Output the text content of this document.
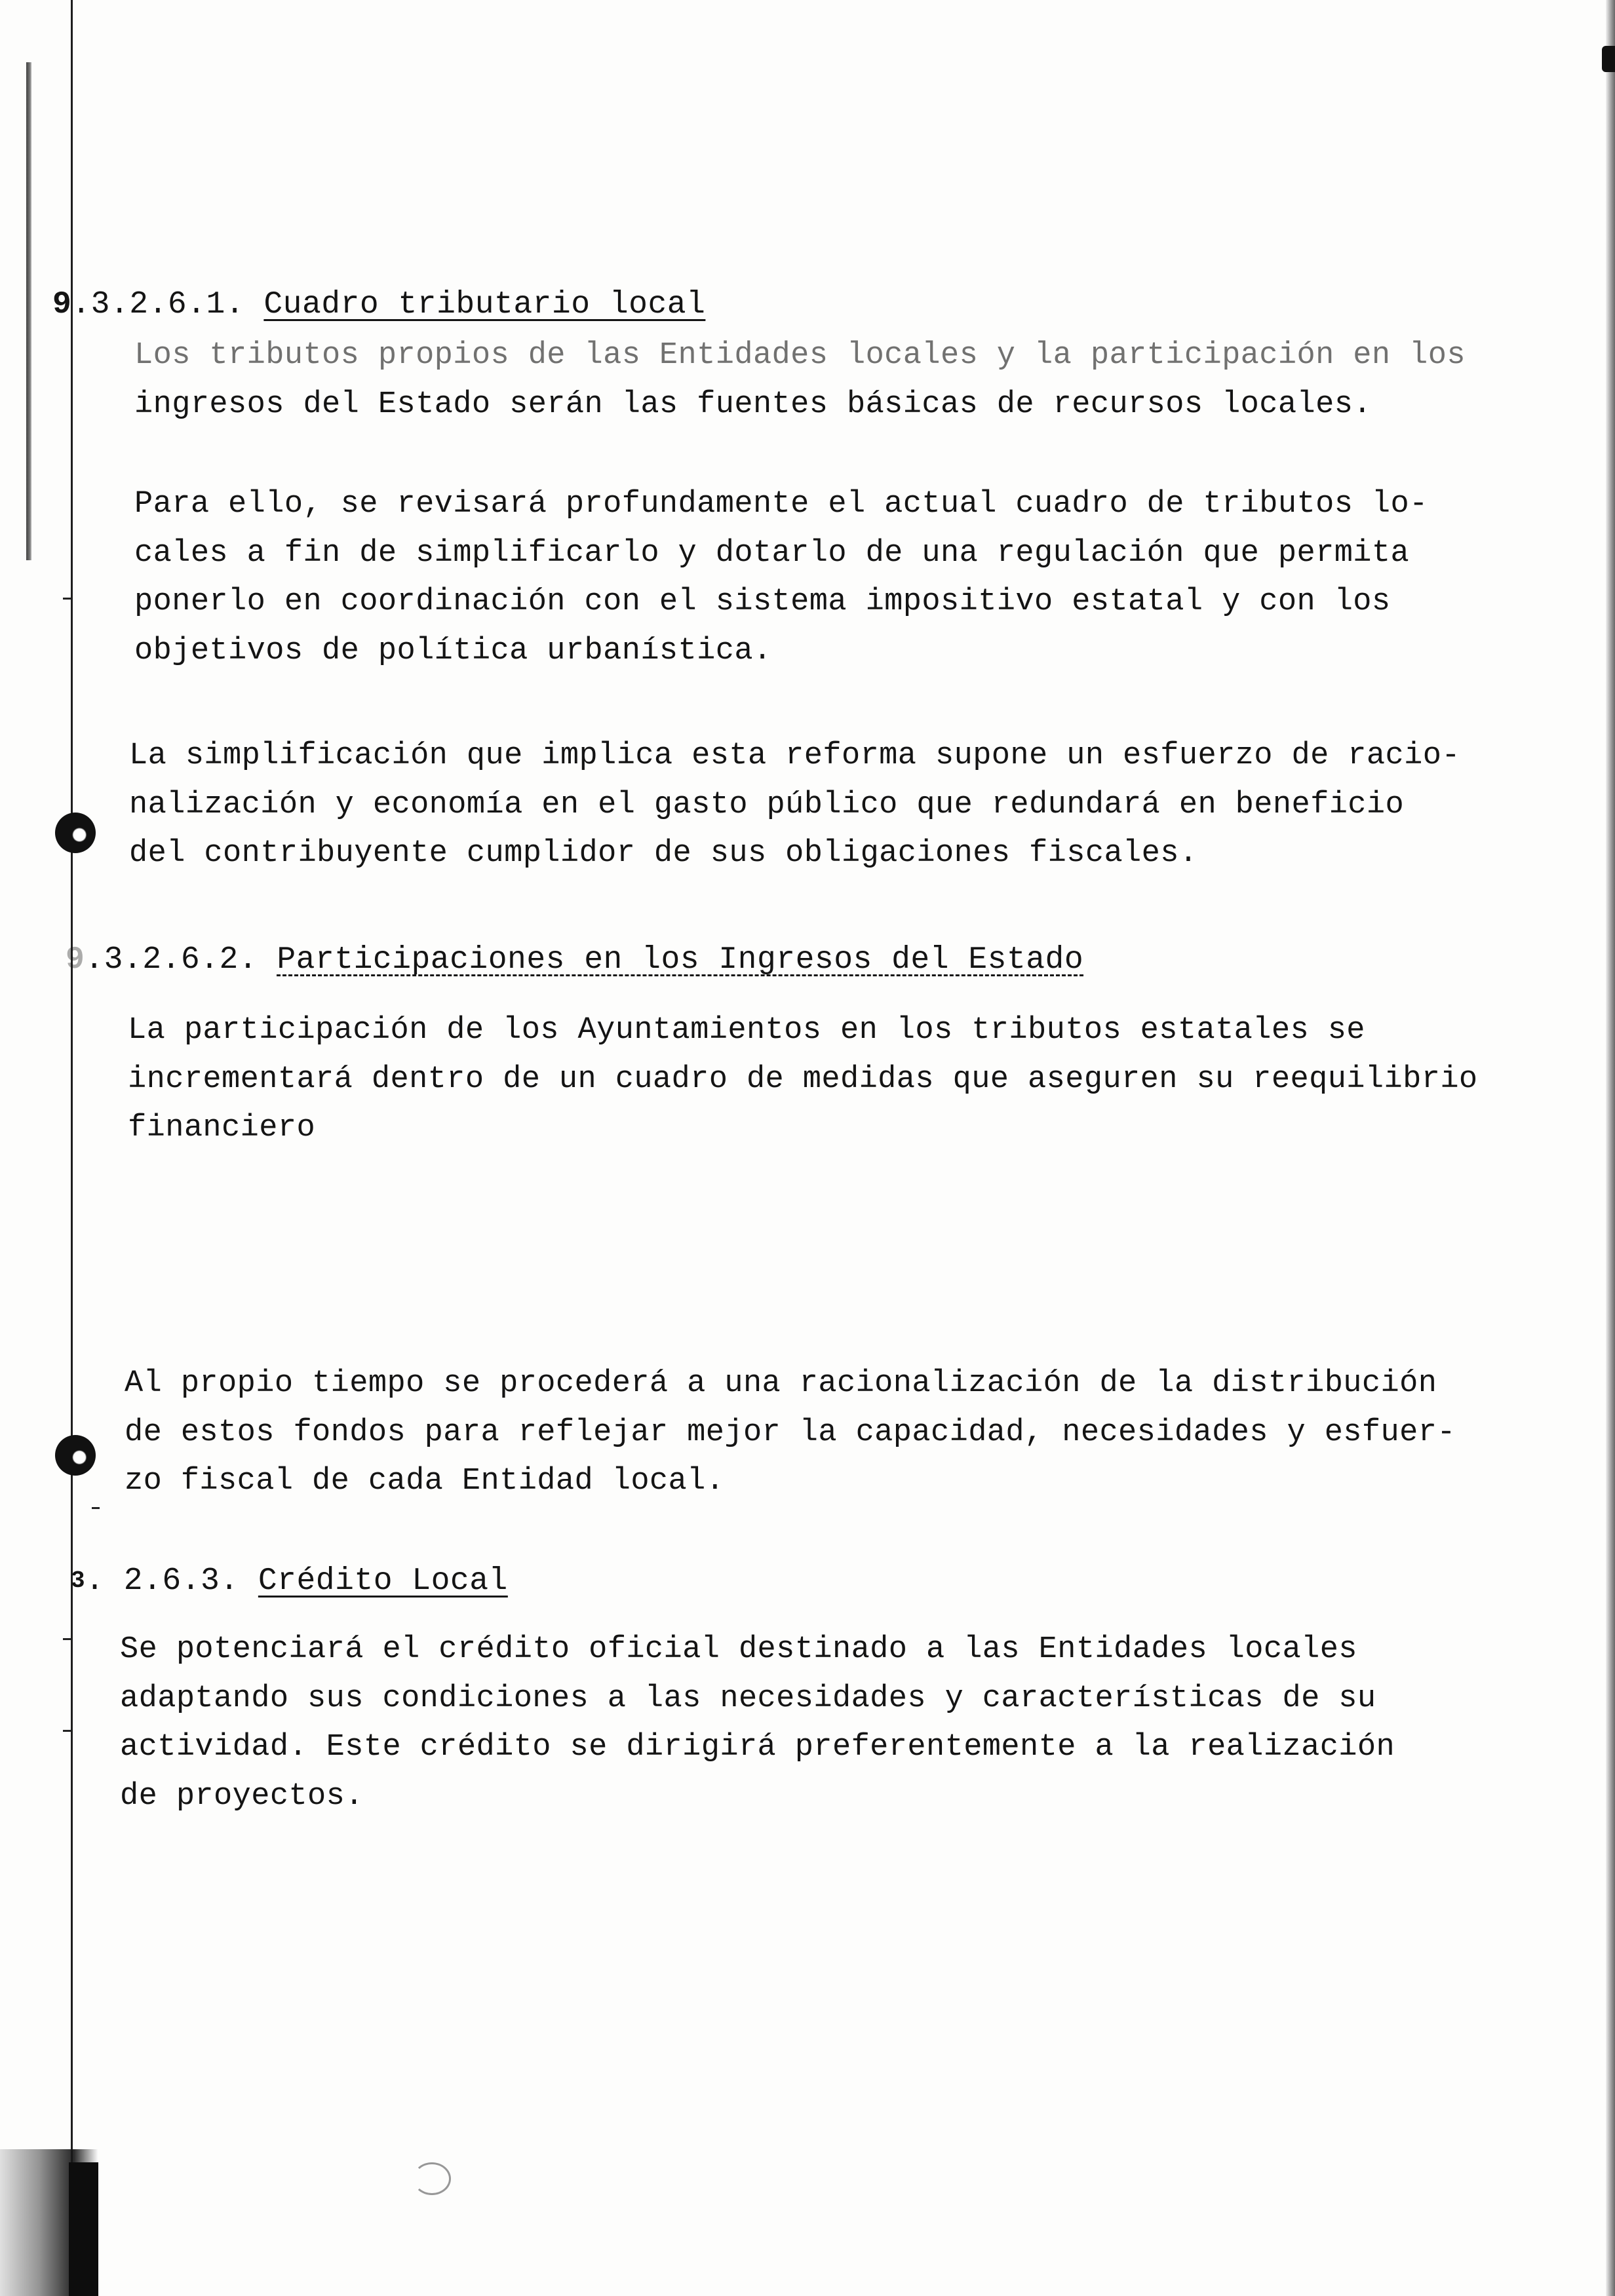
9.3.2.6.1. Cuadro tributario local
Los tributos propios de las Entidades locales y la participación en los
ingresos del Estado serán las fuentes básicas de recursos locales.
Para ello, se revisará profundamente el actual cuadro de tributos lo-
cales a fin de simplificarlo y dotarlo de una regulación que permita
ponerlo en coordinación con el sistema impositivo estatal y con los
objetivos de política urbanística.
La simplificación que implica esta reforma supone un esfuerzo de racio-
nalización y economía en el gasto público que redundará en beneficio
del contribuyente cumplidor de sus obligaciones fiscales.
9.3.2.6.2. Participaciones en los Ingresos del Estado
La participación de los Ayuntamientos en los tributos estatales se
incrementará dentro de un cuadro de medidas que aseguren su reequilibrio
financiero
Al propio tiempo se procederá a una racionalización de la distribución
de estos fondos para reflejar mejor la capacidad, necesidades y esfuer-
zo fiscal de cada Entidad local.
$^3$. 2.6.3. Crédito Local
Se potenciará el crédito oficial destinado a las Entidades locales
adaptando sus condiciones a las necesidades y características de su
actividad. Este crédito se dirigirá preferentemente a la realización
de proyectos.
